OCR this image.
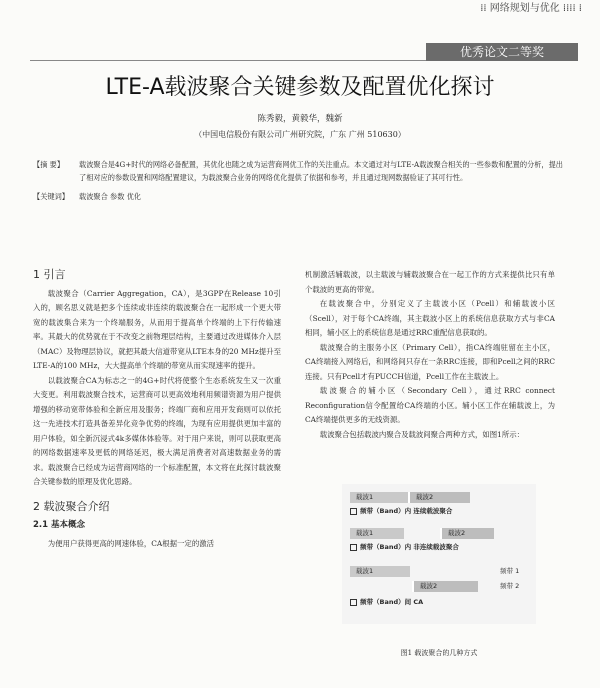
⁞⁞ 网络规划与优化 ⁞⁞⁞⁞ ⁞
优秀论文二等奖
LTE-A载波聚合关键参数及配置优化探讨
陈秀毅，黄毅华，魏新
（中国电信股份有限公司广州研究院，广东 广州 510630）
【摘 要】	载波聚合是4G+时代的网络必备配置，其优化也随之成为运营商网优工作的关注重点。本文通过对与LTE-A载波聚合相关的一些参数和配置的分析，提出了相对应的参数设置和网络配置建议，为载波聚合业务的网络优化提供了依据和参考，并且通过现网数据验证了其可行性。
【关键词】	载波聚合 参数 优化
1 引言

载波聚合（Carrier Aggregation，CA），是3GPP在Release 10引入的，顾名思义就是把多个连续或非连续的载波聚合在一起形成一个更大带宽的载波集合来为一个终端服务，从而用于提高单个终端的上下行传输速率。其最大的优势就在于不改变之前物理层结构，主要通过改进媒体介入层（MAC）及物理层协议，就把其最大信道带宽从LTE本身的20 MHz提升至LTE-A的100 MHz，大大提高单个终端的带宽从而实现速率的提升。

以载波聚合CA为标志之一的4G+时代将使整个生态系统发生又一次重大变更。利用载波聚合技术，运营商可以更高效地利用频谱资源为用户提供增强的移动宽带体验和全新应用及服务；终端厂商和应用开发商则可以依托这一先进技术打造具备差异化竞争优势的终端，为现有应用提供更加丰富的用户体验，如全新沉浸式4k多媒体体验等。对于用户来说，则可以获取更高的网络数据速率及更低的网络延迟，极大满足消费者对高速数据业务的需求。载波聚合已经成为运营商网络的一个标准配置，本文将在此探讨载波聚合关键参数的原理及优化思路。

2 载波聚合介绍
2.1 基本概念

为便用户获得更高的网速体验，CA根据一定的激活

机制激活辅载波，以主载波与辅载波聚合在一起工作的方式来提供比只有单个载波的更高的带宽。

在载波聚合中，分别定义了主载波小区（Pcell）和辅载波小区（Scell），对于每个CA终端，其主载波小区上的系统信息获取方式与非CA相同，辅小区上的系统信息是通过RRC重配信息获取的。

载波聚合的主服务小区（Primary Cell），指CA终端驻留在主小区，CA终端接入网络后，和网络间只存在一条RRC连接，即和Pcell之间的RRC连接。只有Pcell才有PUCCH信道，Pcell工作在主载波上。

载波聚合的辅小区（Secondary Cell），通过RRC connect Reconfiguration信令配置给CA终端的小区。辅小区工作在辅载波上，为CA终端提供更多的无线资源。

载波聚合包括载波内聚合及载波间聚合两种方式，如图1所示：

载波1	载波2
频带（Band）内 连续载波聚合
载波1	载波2
频带（Band）内 非连续载波聚合
载波1	频带 1
载波2	频带 2
频带（Band）间 CA
图1 载波聚合的几种方式
